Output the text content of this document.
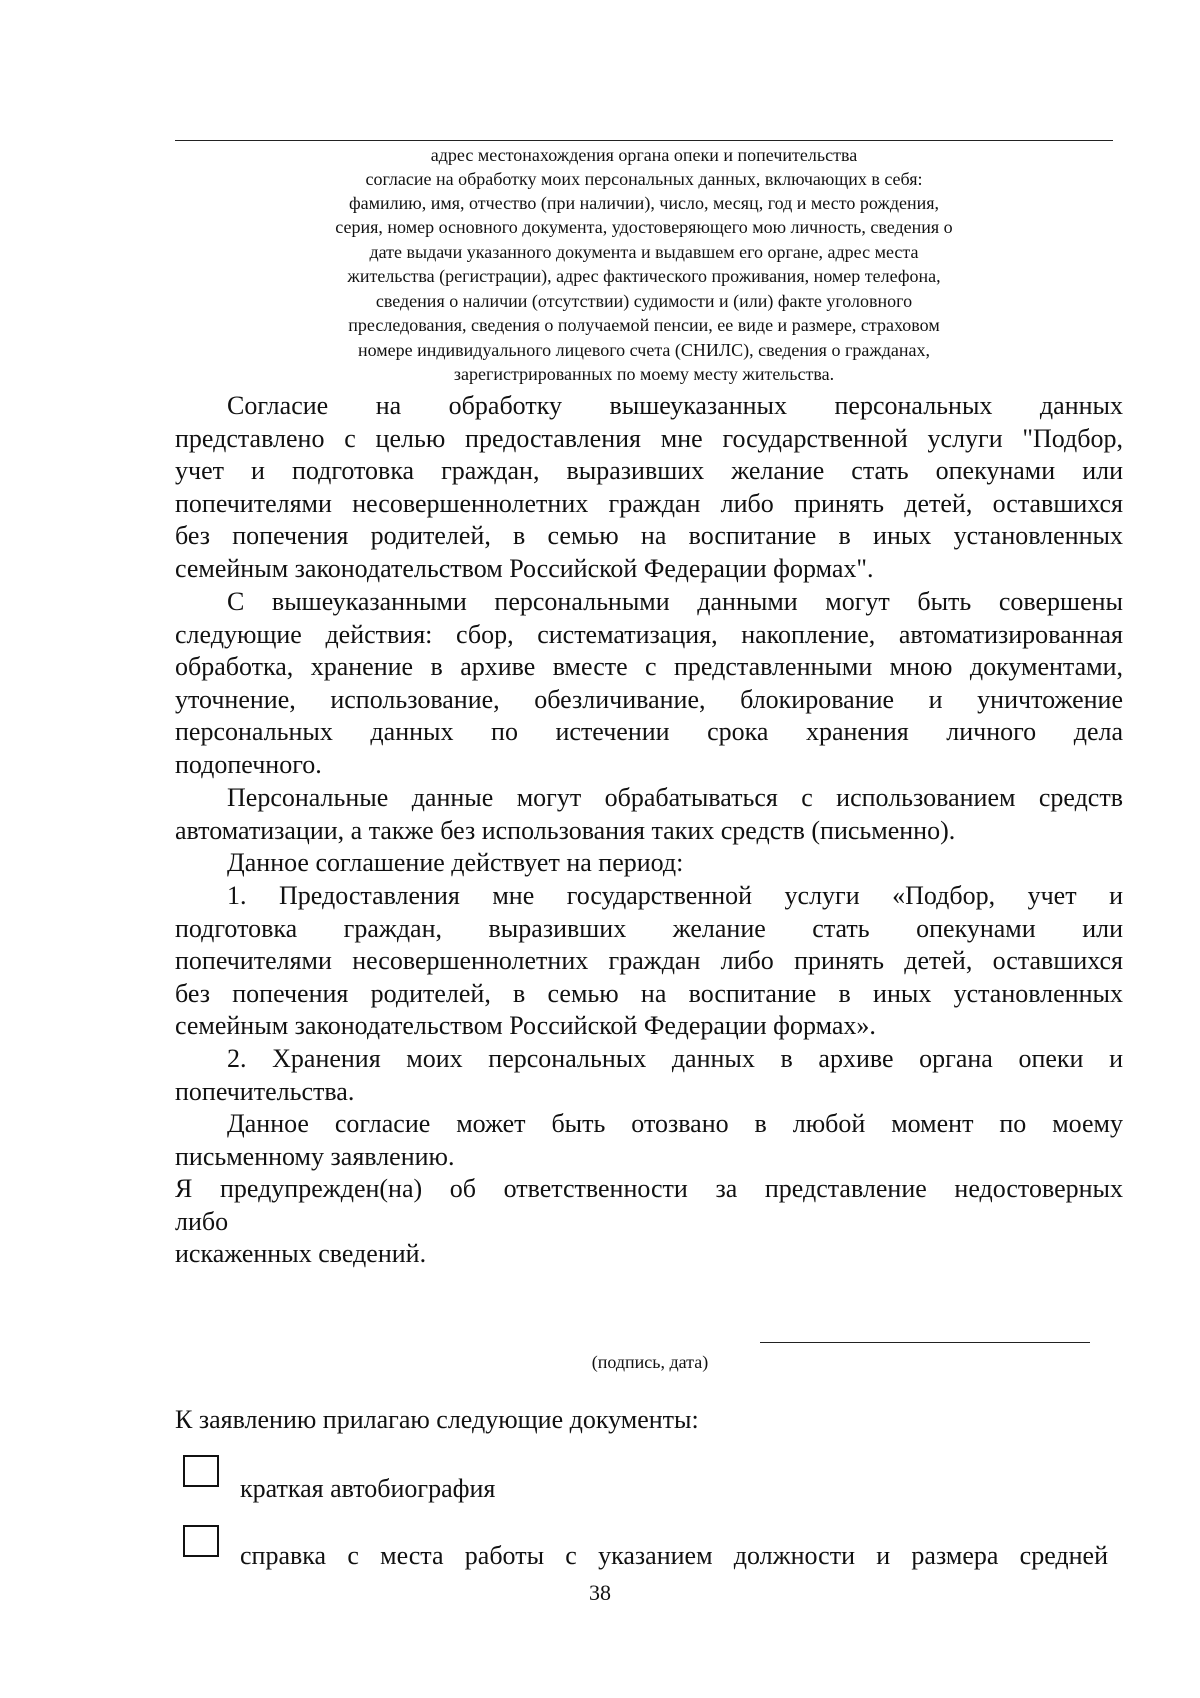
адрес местонахождения органа опеки и попечительства
согласие на обработку моих персональных данных, включающих в себя:
фамилию, имя, отчество (при наличии), число, месяц, год и место рождения,
серия, номер основного документа, удостоверяющего мою личность, сведения о
дате выдачи указанного документа и выдавшем его органе, адрес места
жительства (регистрации), адрес фактического проживания, номер телефона,
сведения о наличии (отсутствии) судимости и (или) факте уголовного
преследования, сведения о получаемой пенсии, ее виде и размере, страховом
номере индивидуального лицевого счета (СНИЛС), сведения о гражданах,
зарегистрированных по моему месту жительства.
Согласие на обработку вышеуказанных персональных данных
представлено с целью предоставления мне государственной услуги "Подбор,
учет и подготовка граждан, выразивших желание стать опекунами или
попечителями несовершеннолетних граждан либо принять детей, оставшихся
без попечения родителей, в семью на воспитание в иных установленных
семейным законодательством Российской Федерации формах".
С вышеуказанными персональными данными могут быть совершены
следующие действия: сбор, систематизация, накопление, автоматизированная
обработка, хранение в архиве вместе с представленными мною документами,
уточнение, использование, обезличивание, блокирование и уничтожение
персональных данных по истечении срока хранения личного дела
подопечного.
Персональные данные могут обрабатываться с использованием средств
автоматизации, а также без использования таких средств (письменно).
Данное соглашение действует на период:
1. Предоставления мне государственной услуги «Подбор, учет и
подготовка граждан, выразивших желание стать опекунами или
попечителями несовершеннолетних граждан либо принять детей, оставшихся
без попечения родителей, в семью на воспитание в иных установленных
семейным законодательством Российской Федерации формах».
2. Хранения моих персональных данных в архиве органа опеки и
попечительства.
Данное согласие может быть отозвано в любой момент по моему
письменному заявлению.
Я предупрежден(на) об ответственности за представление недостоверных
либо
искаженных сведений.
(подпись, дата)
К заявлению прилагаю следующие документы:
краткая автобиография
справка с места работы с указанием должности и размера средней
38
